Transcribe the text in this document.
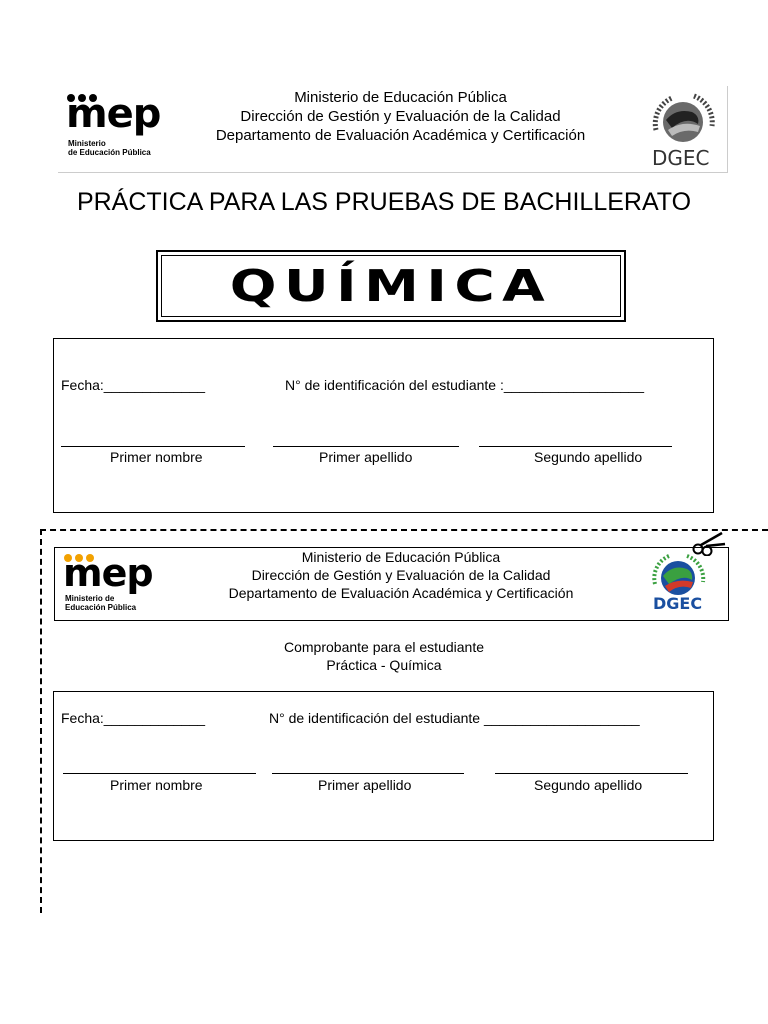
mep
Ministerio
de Educación Pública
Ministerio de Educación Pública
Dirección de Gestión y Evaluación de la Calidad
Departamento de Evaluación Académica y Certificación
DGEC
PRÁCTICA PARA LAS PRUEBAS DE BACHILLERATO
QUÍMICA
Fecha:_____________	N° de identificación del estudiante :__________________
Primer nombre	Primer apellido	Segundo apellido
mep
Ministerio de
Educación Pública
Ministerio de Educación Pública
Dirección de Gestión y Evaluación de la Calidad
Departamento de Evaluación Académica y Certificación
DGEC
Comprobante para el estudiante
Práctica - Química
Fecha:_____________	N° de identificación del estudiante ____________________
Primer nombre	Primer apellido	Segundo apellido
